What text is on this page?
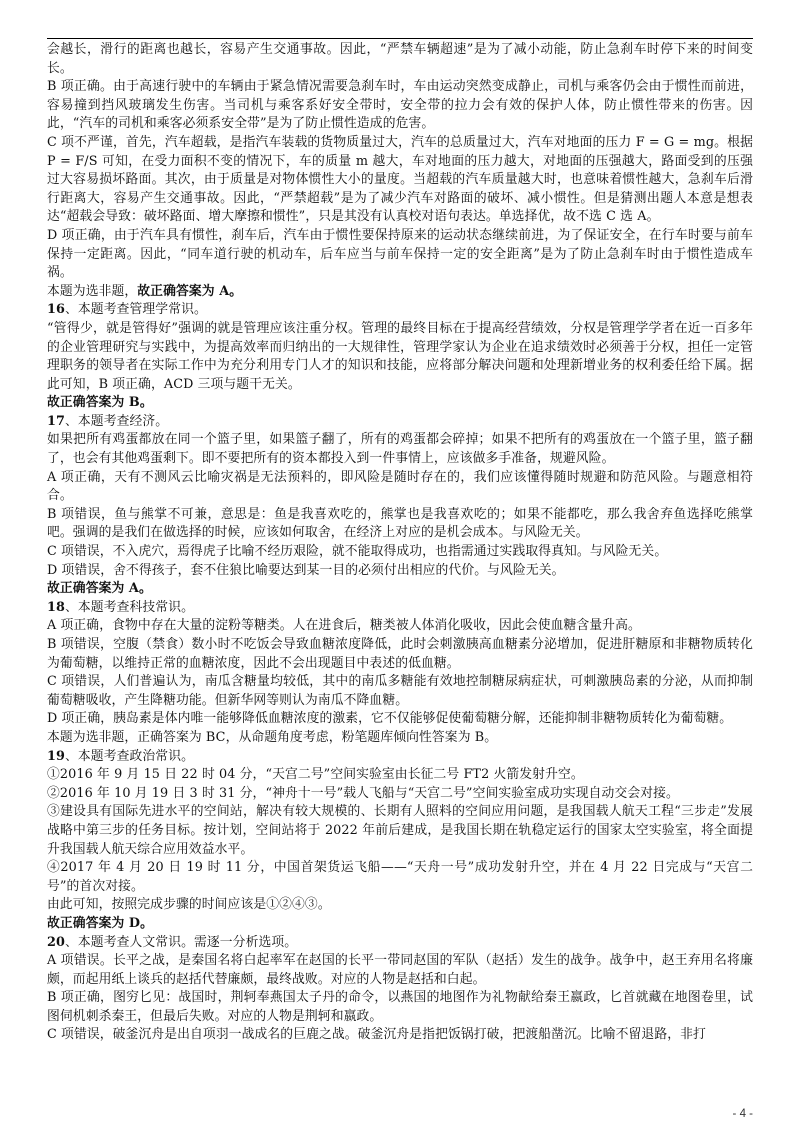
会越长，滑行的距离也越长，容易产生交通事故。因此，“严禁车辆超速”是为了减小动能，防止急刹车时停下来的时间变长。

B 项正确。由于高速行驶中的车辆由于紧急情况需要急刹车时，车由运动突然变成静止，司机与乘客仍会由于惯性而前进，容易撞到挡风玻璃发生伤害。当司机与乘客系好安全带时，安全带的拉力会有效的保护人体，防止惯性带来的伤害。因此，“汽车的司机和乘客必须系安全带”是为了防止惯性造成的危害。

C 项不严谨，首先，汽车超载，是指汽车装载的货物质量过大，汽车的总质量过大，汽车对地面的压力 F = G = mg。根据 P = F/S 可知，在受力面积不变的情况下，车的质量 m 越大，车对地面的压力越大，对地面的压强越大，路面受到的压强过大容易损坏路面。其次，由于质量是对物体惯性大小的量度。当超载的汽车质量越大时，也意味着惯性越大，急刹车后滑行距离大，容易产生交通事故。因此，“严禁超载”是为了减少汽车对路面的破坏、减小惯性。但是猜测出题人本意是想表达“超载会导致：破坏路面、增大摩擦和惯性”，只是其没有认真校对语句表达。单选择优，故不选 C 选 A。

D 项正确，由于汽车具有惯性，刹车后，汽车由于惯性要保持原来的运动状态继续前进，为了保证安全，在行车时要与前车保持一定距离。因此，“同车道行驶的机动车，后车应当与前车保持一定的安全距离”是为了防止急刹车时由于惯性造成车祸。

本题为选非题，故正确答案为 A。

16、本题考查管理学常识。

“管得少，就是管得好”强调的就是管理应该注重分权。管理的最终目标在于提高经营绩效，分权是管理学学者在近一百多年的企业管理研究与实践中，为提高效率而归纳出的一大规律性，管理学家认为企业在追求绩效时必须善于分权，担任一定管理职务的领导者在实际工作中为充分利用专门人才的知识和技能，应将部分解决问题和处理新增业务的权利委任给下属。据此可知，B 项正确，ACD 三项与题干无关。

故正确答案为 B。

17、本题考查经济。

如果把所有鸡蛋都放在同一个篮子里，如果篮子翻了，所有的鸡蛋都会碎掉；如果不把所有的鸡蛋放在一个篮子里，篮子翻了，也会有其他鸡蛋剩下。即不要把所有的资本都投入到一件事情上，应该做多手准备，规避风险。

A 项正确，天有不测风云比喻灾祸是无法预料的，即风险是随时存在的，我们应该懂得随时规避和防范风险。与题意相符合。

B 项错误，鱼与熊掌不可兼，意思是：鱼是我喜欢吃的，熊掌也是我喜欢吃的；如果不能都吃，那么我舍弃鱼选择吃熊掌吧。强调的是我们在做选择的时候，应该如何取舍，在经济上对应的是机会成本。与风险无关。

C 项错误，不入虎穴，焉得虎子比喻不经历艰险，就不能取得成功，也指需通过实践取得真知。与风险无关。

D 项错误，舍不得孩子，套不住狼比喻要达到某一目的必须付出相应的代价。与风险无关。

故正确答案为 A。

18、本题考查科技常识。

A 项正确，食物中存在大量的淀粉等糖类。人在进食后，糖类被人体消化吸收，因此会使血糖含量升高。

B 项错误，空腹（禁食）数小时不吃饭会导致血糖浓度降低，此时会刺激胰高血糖素分泌增加，促进肝糖原和非糖物质转化为葡萄糖，以维持正常的血糖浓度，因此不会出现题目中表述的低血糖。

C 项错误，人们普遍认为，南瓜含糖量均较低，其中的南瓜多糖能有效地控制糖尿病症状，可刺激胰岛素的分泌，从而抑制葡萄糖吸收，产生降糖功能。但新华网等则认为南瓜不降血糖。

D 项正确，胰岛素是体内唯一能够降低血糖浓度的激素，它不仅能够促使葡萄糖分解，还能抑制非糖物质转化为葡萄糖。

本题为选非题，正确答案为 BC，从命题角度考虑，粉笔题库倾向性答案为 B。

19、本题考查政治常识。

①2016 年 9 月 15 日 22 时 04 分，“天宫二号”空间实验室由长征二号 FT2 火箭发射升空。

②2016 年 10 月 19 日 3 时 31 分，“神舟十一号”载人飞船与“天宫二号”空间实验室成功实现自动交会对接。

③建设具有国际先进水平的空间站，解决有较大规模的、长期有人照料的空间应用问题，是我国载人航天工程“三步走”发展战略中第三步的任务目标。按计划，空间站将于 2022 年前后建成，是我国长期在轨稳定运行的国家太空实验室，将全面提升我国载人航天综合应用效益水平。

④2017 年 4 月 20 日 19 时 11 分，中国首架货运飞船——“天舟一号”成功发射升空，并在 4 月 22 日完成与“天宫二号”的首次对接。

由此可知，按照完成步骤的时间应该是①②④③。

故正确答案为 D。

20、本题考查人文常识。需逐一分析选项。

A 项错误。长平之战，是秦国名将白起率军在赵国的长平一带同赵国的军队（赵括）发生的战争。战争中，赵王弃用名将廉颇，而起用纸上谈兵的赵括代替廉颇，最终战败。对应的人物是赵括和白起。

B 项正确，图穷匕见：战国时，荆轲奉燕国太子丹的命令，以燕国的地图作为礼物献给秦王嬴政，匕首就藏在地图卷里，试图伺机刺杀秦王，但最后失败。对应的人物是荆轲和嬴政。

C 项错误，破釜沉舟是出自项羽一战成名的巨鹿之战。破釜沉舟是指把饭锅打破，把渡船凿沉。比喻不留退路，非打

- 4 -
